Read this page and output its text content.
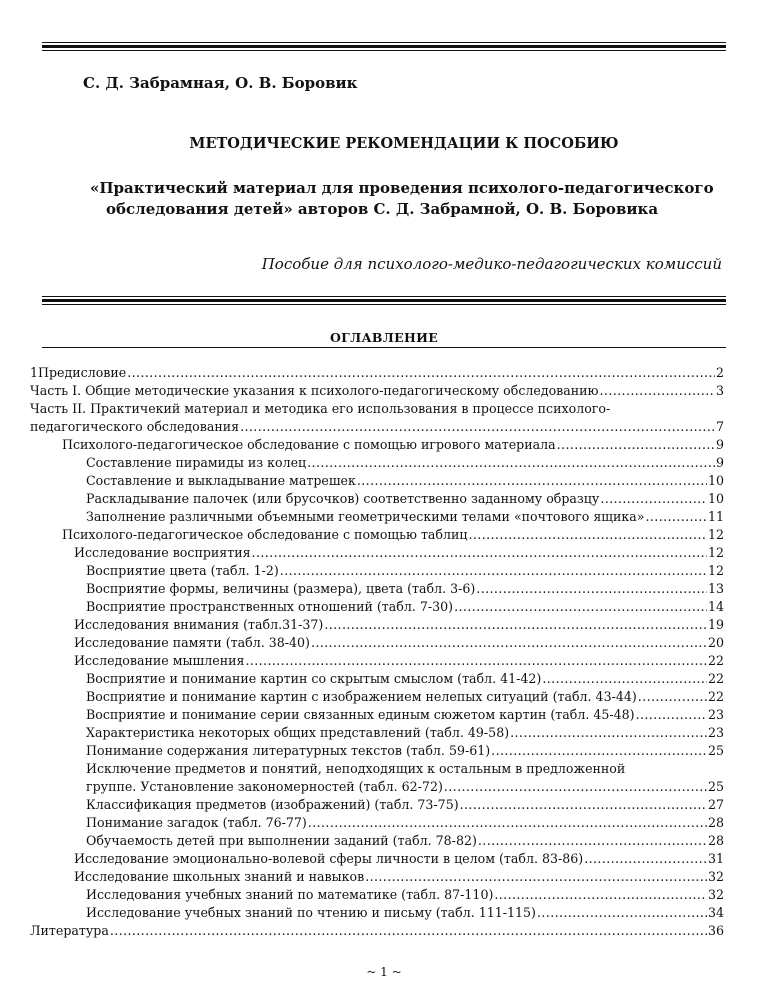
С. Д. Забрамная, О. В. Боровик
МЕТОДИЧЕСКИЕ РЕКОМЕНДАЦИИ К ПОСОБИЮ
«Практический материал для проведения психолого-педагогического
обследования детей» авторов С. Д. Забрамной, О. В. Боровика
Пособие для психолого-медико-педагогических комиссий
ОГЛАВЛЕНИЕ
1Предисловие .....	2
Часть I. Общие методические указания к психолого-педагогическому обследованию .....	3
Часть II. Практичекий материал и методика его использования в процессе психолого-
педагогического обследования .....	7
Психолого-педагогическое обследование с помощью игрового материала .....	9
Составление пирамиды из колец .....	9
Составление и выкладывание матрешек .....	10
Раскладывание палочек (или брусочков) соответственно заданному образцу .....	10
Заполнение различными объемными геометрическими телами «почтового ящика» .....	11
Психолого-педагогическое обследование с помощью таблиц .....	12
Исследование восприятия .....	12
Восприятие цвета (табл. 1-2) .....	12
Восприятие формы, величины (размера), цвета (табл. 3-6) .....	13
Восприятие пространственных отношений (табл. 7-30) .....	14
Исследования внимания (табл.31-37) .....	19
Исследование памяти (табл. 38-40) .....	20
Исследование мышления .....	22
Восприятие и понимание картин со скрытым смыслом (табл. 41-42) .....	22
Восприятие и понимание картин с изображением нелепых ситуаций (табл. 43-44) .....	22
Восприятие и понимание серии связанных единым сюжетом картин (табл. 45-48) .....	23
Характеристика некоторых общих представлений (табл. 49-58) .....	23
Понимание содержания литературных текстов (табл. 59-61) .....	25
Исключение предметов и понятий, неподходящих к остальным в предложенной
группе. Установление закономерностей (табл. 62-72) .....	25
Классификация предметов (изображений) (табл. 73-75) .....	27
Понимание загадок (табл. 76-77) .....	28
Обучаемость детей при выполнении заданий (табл. 78-82) .....	28
Исследование эмоционально-волевой сферы личности в целом (табл. 83-86) .....	31
Исследование школьных знаний и навыков .....	32
Исследования учебных знаний по математике (табл. 87-110) .....	32
Исследование учебных знаний по чтению и письму (табл. 111-115) .....	34
Литература .....	36
~ 1 ~
